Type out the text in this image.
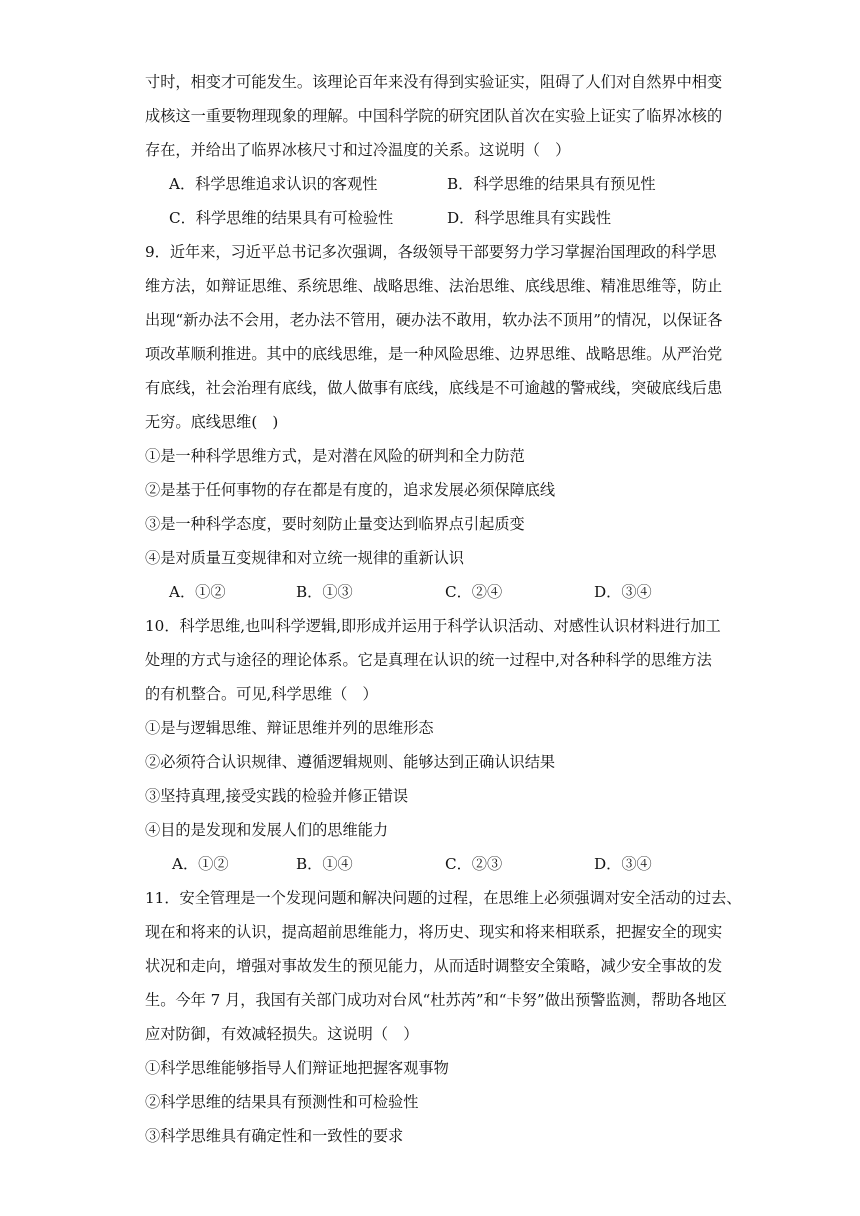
寸时，相变才可能发生。该理论百年来没有得到实验证实，阻碍了人们对自然界中相变
成核这一重要物理现象的理解。中国科学院的研究团队首次在实验上证实了临界冰核的
存在，并给出了临界冰核尺寸和过冷温度的关系。这说明（　）
A．科学思维追求认识的客观性	B．科学思维的结果具有预见性
C．科学思维的结果具有可检验性	D．科学思维具有实践性
9．近年来，习近平总书记多次强调，各级领导干部要努力学习掌握治国理政的科学思
维方法，如辩证思维、系统思维、战略思维、法治思维、底线思维、精准思维等，防止
出现“新办法不会用，老办法不管用，硬办法不敢用，软办法不顶用”的情况，以保证各
项改革顺利推进。其中的底线思维，是一种风险思维、边界思维、战略思维。从严治党
有底线，社会治理有底线，做人做事有底线，底线是不可逾越的警戒线，突破底线后患
无穷。底线思维(　)
①是一种科学思维方式，是对潜在风险的研判和全力防范
②是基于任何事物的存在都是有度的，追求发展必须保障底线
③是一种科学态度，要时刻防止量变达到临界点引起质变
④是对质量互变规律和对立统一规律的重新认识
A．①②	B．①③	C．②④	D．③④
10．科学思维,也叫科学逻辑,即形成并运用于科学认识活动、对感性认识材料进行加工
处理的方式与途径的理论体系。它是真理在认识的统一过程中,对各种科学的思维方法
的有机整合。可见,科学思维（　）
①是与逻辑思维、辩证思维并列的思维形态
②必须符合认识规律、遵循逻辑规则、能够达到正确认识结果
③坚持真理,接受实践的检验并修正错误
④目的是发现和发展人们的思维能力
A．①②	B．①④	C．②③	D．③④
11．安全管理是一个发现问题和解决问题的过程，在思维上必须强调对安全活动的过去、
现在和将来的认识，提高超前思维能力，将历史、现实和将来相联系，把握安全的现实
状况和走向，增强对事故发生的预见能力，从而适时调整安全策略，减少安全事故的发
生。今年 7 月，我国有关部门成功对台风“杜苏芮”和“卡努”做出预警监测，帮助各地区
应对防御，有效减轻损失。这说明（　）
①科学思维能够指导人们辩证地把握客观事物
②科学思维的结果具有预测性和可检验性
③科学思维具有确定性和一致性的要求
